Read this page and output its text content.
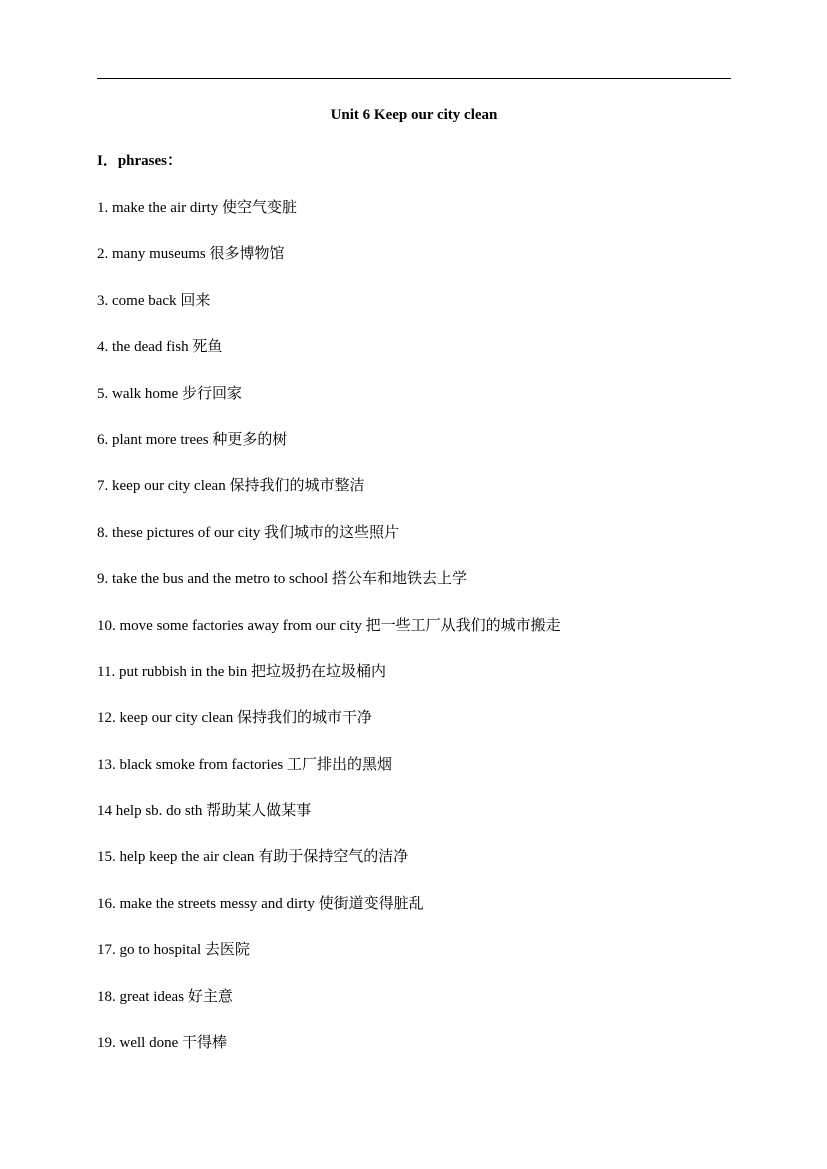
Unit 6 Keep our city clean
I．phrases：
1. make the air dirty 使空气变脏
2. many museums 很多博物馆
3. come back 回来
4. the dead fish 死鱼
5. walk home 步行回家
6. plant more trees 种更多的树
7. keep our city clean 保持我们的城市整洁
8. these pictures of our city 我们城市的这些照片
9. take the bus and the metro to school 搭公车和地铁去上学
10. move some factories away from our city 把一些工厂从我们的城市搬走
11. put rubbish in the bin 把垃圾扔在垃圾桶内
12. keep our city clean 保持我们的城市干净
13. black smoke from factories 工厂排出的黑烟
14 help sb. do sth 帮助某人做某事
15. help keep the air clean 有助于保持空气的洁净
16. make the streets messy and dirty 使街道变得脏乱
17. go to hospital 去医院
18. great ideas 好主意
19. well done 干得棒
